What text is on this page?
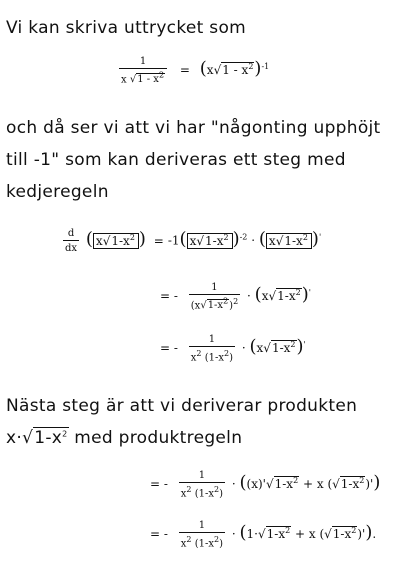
Vi kan skriva uttrycket som
$\frac{1}{x √ 1 - x^2} = (x√$ $1 - x^2)^{-1}$
och då ser vi att vi har "någonting upphöjt
till -1" som kan deriveras ett steg med
kedjeregeln
$\frac{d}{dx}$ ( x√ $1-x^2$ ) = -1( x√ $1-x^2$ )$^{-2}$ · ( x√ $1-x^2$ )'
= - $\frac{1}{(x√ 1-x^2)^2} \cdot (x√$ $1-x^2)'$
= - $\frac{1}{x^2 (1-x^2)} \cdot (x√$ $1-x^2)'$
Nästa steg är att vi deriverar produkten
x·√ $1-x^2$ med produktregeln
= - $\frac{1}{x^2 (1-x^2)} \cdot ((x)'√$ $1-x^2 + x$ (√ $1-x^2)'$)
= - $\frac{1}{x^2 (1-x^2)} \cdot (1\cdot√$ $1-x^2 + x$ (√ $1-x^2)'$).
